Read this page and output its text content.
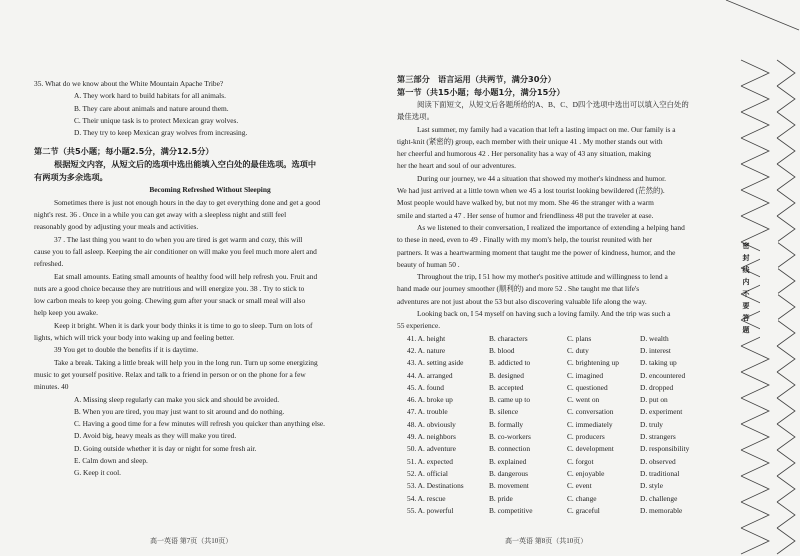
35. What do we know about the White Mountain Apache Tribe?

A. They work hard to build habitats for all animals.

B. They care about animals and nature around them.

C. Their unique task is to protect Mexican gray wolves.

D. They try to keep Mexican gray wolves from increasing.

第二节（共5小题；每小题2.5分，满分12.5分）

根据短文内容，从短文后的选项中选出能填入空白处的最佳选项。选项中

有两项为多余选项。

Becoming Refreshed Without Sleeping

Sometimes there is just not enough hours in the day to get everything done and get a good

night's rest. 36 . Once in a while you can get away with a sleepless night and still feel

reasonably good by adjusting your meals and activities.

37 . The last thing you want to do when you are tired is get warm and cozy, this will

cause you to fall asleep. Keeping the air conditioner on will make you feel much more alert and

refreshed.

Eat small amounts. Eating small amounts of healthy food will help refresh you. Fruit and

nuts are a good choice because they are nutritious and will energize you. 38 . Try to stick to

low carbon meals to keep you going. Chewing gum after your snack or small meal will also

help keep you awake.

Keep it bright. When it is dark your body thinks it is time to go to sleep. Turn on lots of

lights, which will trick your body into waking up and feeling better.

39 You get to double the benefits if it is daytime.

Take a break. Taking a little break will help you in the long run. Turn up some energizing

music to get yourself positive. Relax and talk to a friend in person or on the phone for a few

minutes. 40

A. Missing sleep regularly can make you sick and should be avoided.

B. When you are tired, you may just want to sit around and do nothing.

C. Having a good time for a few minutes will refresh you quicker than anything else.

D. Avoid big, heavy meals as they will make you tired.

D. Going outside whether it is day or night for some fresh air.

E. Calm down and sleep.

G. Keep it cool.

第三部分　语言运用（共两节，满分30分）

第一节（共15小题；每小题1分，满分15分）

阅读下面短文，从短文后各题所给的A、B、C、D四个选项中选出可以填入空白处的

最佳选项。

Last summer, my family had a vacation that left a lasting impact on me. Our family is a

tight-knit (紧密的) group, each member with their unique 41 . My mother stands out with

her cheerful and humorous 42 . Her personality has a way of 43 any situation, making

her the heart and soul of our adventures.

During our journey, we 44 a situation that showed my mother's kindness and humor.

We had just arrived at a little town when we 45 a lost tourist looking bewildered (茫然的).

Most people would have walked by, but not my mom. She 46 the stranger with a warm

smile and started a 47 . Her sense of humor and friendliness 48 put the traveler at ease.

As we listened to their conversation, I realized the importance of extending a helping hand

to these in need, even to 49 . Finally with my mom's help, the tourist reunited with her

partners. It was a heartwarming moment that taught me the power of kindness, humor, and the

beauty of human 50 .

Throughout the trip, I 51 how my mother's positive attitude and willingness to lend a

hand made our journey smoother (顺利的) and more 52 . She taught me that life's

adventures are not just about the 53 but also discovering valuable life along the way.

Looking back on, I 54 myself on having such a loving family. And the trip was such a

55 experience.

41. A. height	B. characters	C. plans	D. wealth
42. A. nature	B. blood	C. duty	D. interest
43. A. setting aside	B. addicted to	C. brightening up	D. taking up
44. A. arranged	B. designed	C. imagined	D. encountered
45. A. found	B. accepted	C. questioned	D. dropped
46. A. broke up	B. came up to	C. went on	D. put on
47. A. trouble	B. silence	C. conversation	D. experiment
48. A. obviously	B. formally	C. immediately	D. truly
49. A. neighbors	B. co-workers	C. producers	D. strangers
50. A. adventure	B. connection	C. development	D. responsibility
51. A. expected	B. explained	C. forgot	D. observed
52. A. official	B. dangerous	C. enjoyable	D. traditional
53. A. Destinations	B. movement	C. event	D. style
54. A. rescue	B. pride	C. change	D. challenge
55. A. powerful	B. competitive	C. graceful	D. memorable
高一英语 第7页（共10页）	高一英语 第8页（共10页）
密封线内不要答题
